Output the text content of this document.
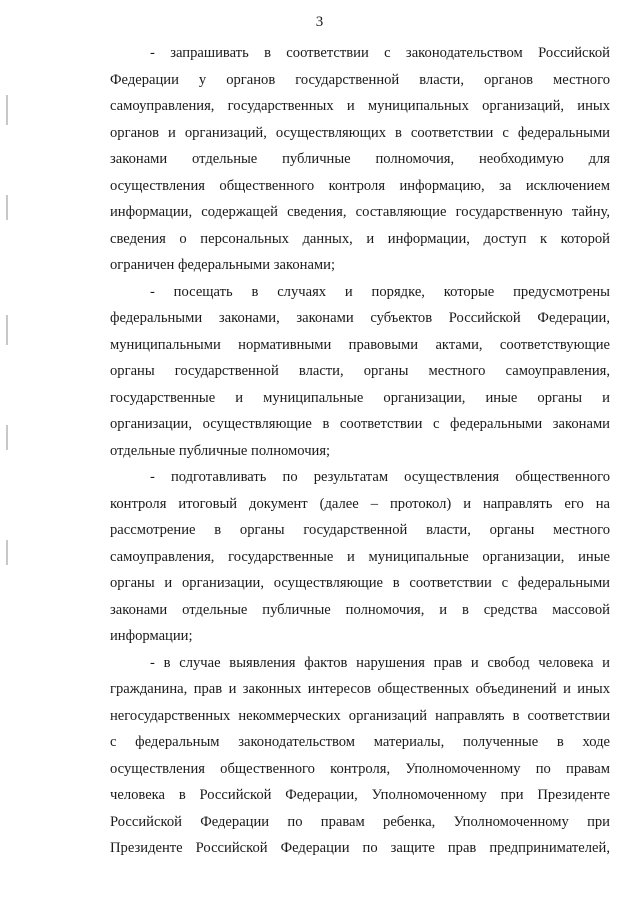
3
- запрашивать в соответствии с законодательством Российской
Федерации у органов государственной власти, органов местного
самоуправления, государственных и муниципальных организаций, иных
органов и организаций, осуществляющих в соответствии с федеральными
законами отдельные публичные полномочия, необходимую для
осуществления общественного контроля информацию, за исключением
информации, содержащей сведения, составляющие государственную тайну,
сведения о персональных данных, и информации, доступ к которой
ограничен федеральными законами;
- посещать в случаях и порядке, которые предусмотрены
федеральными законами, законами субъектов Российской Федерации,
муниципальными нормативными правовыми актами, соответствующие
органы государственной власти, органы местного самоуправления,
государственные и муниципальные организации, иные органы и
организации, осуществляющие в соответствии с федеральными законами
отдельные публичные полномочия;
- подготавливать по результатам осуществления общественного
контроля итоговый документ (далее – протокол) и направлять его на
рассмотрение в органы государственной власти, органы местного
самоуправления, государственные и муниципальные организации, иные
органы и организации, осуществляющие в соответствии с федеральными
законами отдельные публичные полномочия, и в средства массовой
информации;
- в случае выявления фактов нарушения прав и свобод человека и
гражданина, прав и законных интересов общественных объединений и иных
негосударственных некоммерческих организаций направлять в соответствии
с федеральным законодательством материалы, полученные в ходе
осуществления общественного контроля, Уполномоченному по правам
человека в Российской Федерации, Уполномоченному при Президенте
Российской Федерации по правам ребенка, Уполномоченному при
Президенте Российской Федерации по защите прав предпринимателей,
